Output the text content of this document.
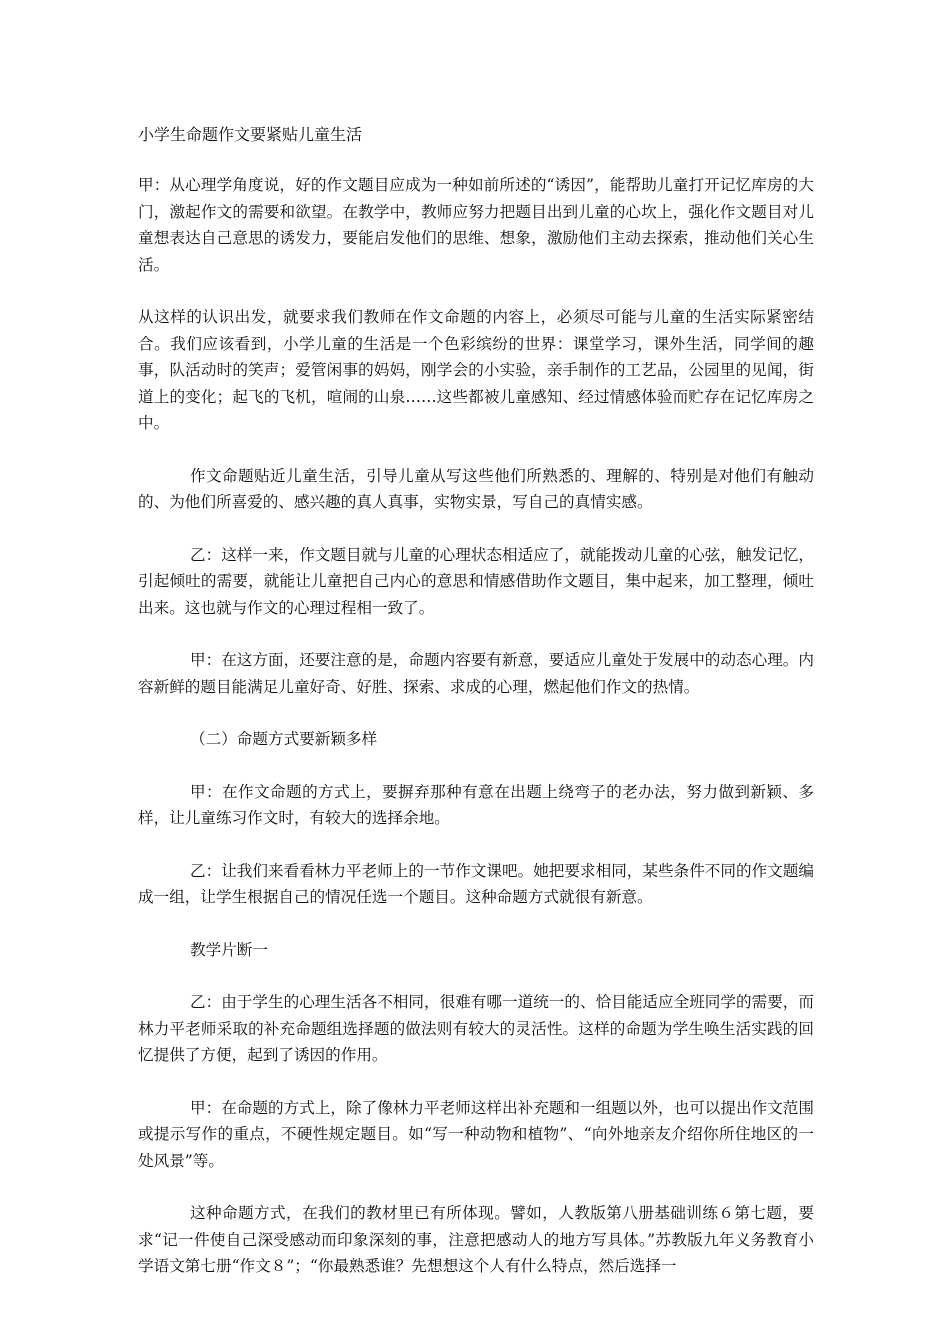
小学生命题作文要紧贴儿童生活

甲：从心理学角度说，好的作文题目应成为一种如前所述的“诱因”，能帮助儿童打开记忆库房的大门，激起作文的需要和欲望。在教学中，教师应努力把题目出到儿童的心坎上，强化作文题目对儿童想表达自己意思的诱发力，要能启发他们的思维、想象，激励他们主动去探索，推动他们关心生活。

从这样的认识出发，就要求我们教师在作文命题的内容上，必须尽可能与儿童的生活实际紧密结合。我们应该看到，小学儿童的生活是一个色彩缤纷的世界：课堂学习，课外生活，同学间的趣事，队活动时的笑声；爱管闲事的妈妈，刚学会的小实验，亲手制作的工艺品，公园里的见闻，街道上的变化；起飞的飞机，喧闹的山泉……这些都被儿童感知、经过情感体验而贮存在记忆库房之中。

作文命题贴近儿童生活，引导儿童从写这些他们所熟悉的、理解的、特别是对他们有触动的、为他们所喜爱的、感兴趣的真人真事，实物实景，写自己的真情实感。

乙：这样一来，作文题目就与儿童的心理状态相适应了，就能拨动儿童的心弦，触发记忆，引起倾吐的需要，就能让儿童把自己内心的意思和情感借助作文题目，集中起来，加工整理，倾吐出来。这也就与作文的心理过程相一致了。

甲：在这方面，还要注意的是，命题内容要有新意，要适应儿童处于发展中的动态心理。内容新鲜的题目能满足儿童好奇、好胜、探索、求成的心理，燃起他们作文的热情。

（二）命题方式要新颖多样

甲：在作文命题的方式上，要摒弃那种有意在出题上绕弯子的老办法，努力做到新颖、多样，让儿童练习作文时，有较大的选择余地。

乙：让我们来看看林力平老师上的一节作文课吧。她把要求相同，某些条件不同的作文题编成一组，让学生根据自己的情况任选一个题目。这种命题方式就很有新意。

教学片断一

乙：由于学生的心理生活各不相同，很难有哪一道统一的、恰目能适应全班同学的需要，而林力平老师采取的补充命题组选择题的做法则有较大的灵活性。这样的命题为学生唤生活实践的回忆提供了方便，起到了诱因的作用。

甲：在命题的方式上，除了像林力平老师这样出补充题和一组题以外，也可以提出作文范围或提示写作的重点，不硬性规定题目。如“写一种动物和植物”、“向外地亲友介绍你所住地区的一处风景”等。

这种命题方式，在我们的教材里已有所体现。譬如，人教版第八册基础训练６第七题，要求“记一件使自己深受感动而印象深刻的事，注意把感动人的地方写具体。”苏教版九年义务教育小学语文第七册“作文８”；“你最熟悉谁？先想想这个人有什么特点，然后选择一
